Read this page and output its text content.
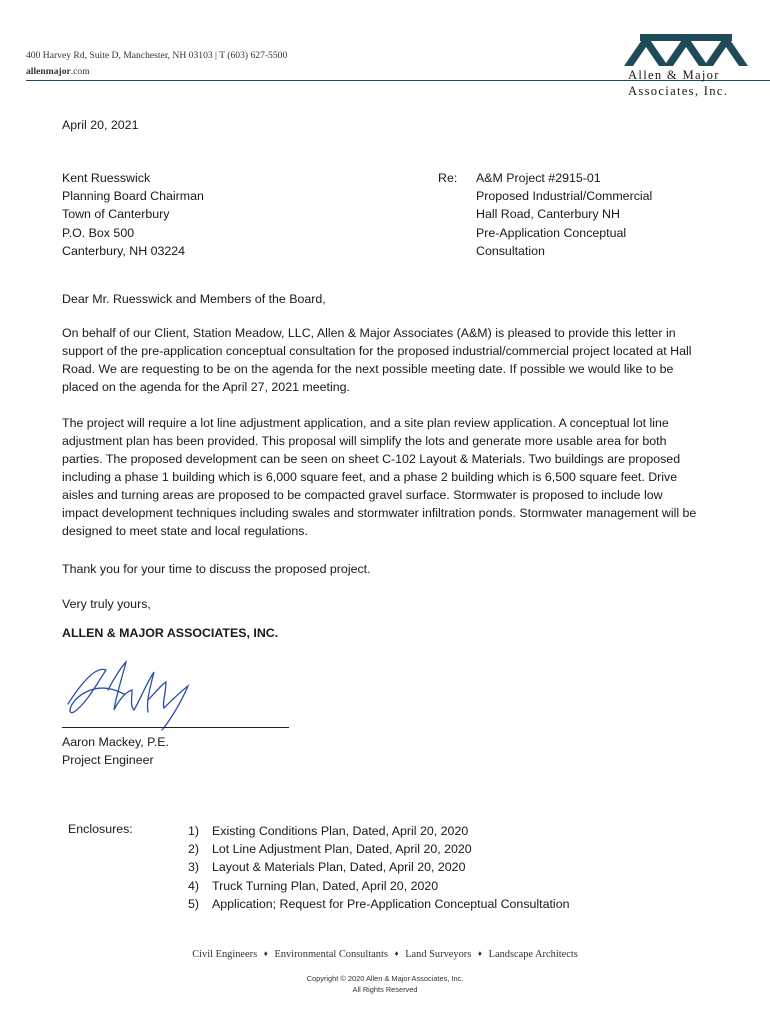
400 Harvey Rd, Suite D, Manchester, NH 03103 | T (603) 627-5500
allenmajor.com	Allen & Major
Associates, Inc.
April 20, 2021
Kent Ruesswick
Planning Board Chairman
Town of Canterbury
P.O. Box 500
Canterbury, NH 03224
Re: A&M Project #2915-01
Proposed Industrial/Commercial
Hall Road, Canterbury NH
Pre-Application Conceptual
Consultation
Dear Mr. Ruesswick and Members of the Board,
On behalf of our Client, Station Meadow, LLC, Allen & Major Associates (A&M) is pleased to provide this letter in support of the pre-application conceptual consultation for the proposed industrial/commercial project located at Hall Road. We are requesting to be on the agenda for the next possible meeting date. If possible we would like to be placed on the agenda for the April 27, 2021 meeting.
The project will require a lot line adjustment application, and a site plan review application. A conceptual lot line adjustment plan has been provided. This proposal will simplify the lots and generate more usable area for both parties. The proposed development can be seen on sheet C-102 Layout & Materials. Two buildings are proposed including a phase 1 building which is 6,000 square feet, and a phase 2 building which is 6,500 square feet. Drive aisles and turning areas are proposed to be compacted gravel surface. Stormwater is proposed to include low impact development techniques including swales and stormwater infiltration ponds. Stormwater management will be designed to meet state and local regulations.
Thank you for your time to discuss the proposed project.
Very truly yours,
ALLEN & MAJOR ASSOCIATES, INC.
Aaron Mackey, P.E.
Project Engineer
Enclosures:	1) Existing Conditions Plan, Dated, April 20, 2020
2) Lot Line Adjustment Plan, Dated, April 20, 2020
3) Layout & Materials Plan, Dated, April 20, 2020
4) Truck Turning Plan, Dated, April 20, 2020
5) Application; Request for Pre-Application Conceptual Consultation
Civil Engineers ♦ Environmental Consultants ♦ Land Surveyors ♦ Landscape Architects
Copyright © 2020 Allen & Major Associates, Inc.
All Rights Reserved
